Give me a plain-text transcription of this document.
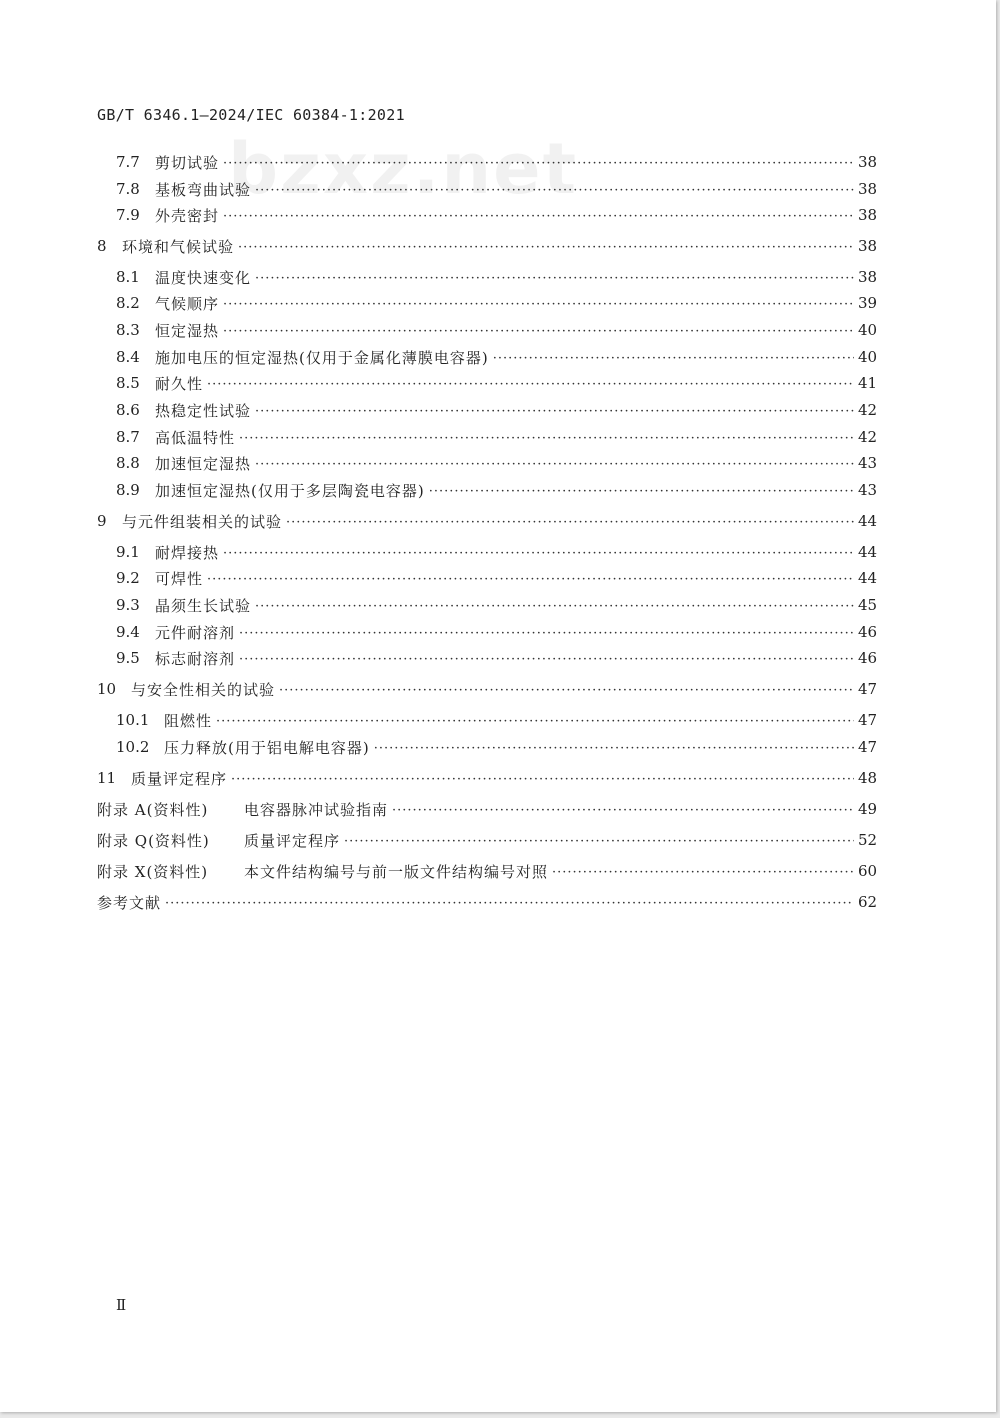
GB/T 6346.1—2024/IEC 60384-1:2021
bzxz.net
7.7	剪切试验 ·····	38
7.8	基板弯曲试验 ·····	38
7.9	外壳密封 ·····	38
8	环境和气候试验 ·····	38
8.1	温度快速变化 ·····	38
8.2	气候顺序 ·····	39
8.3	恒定湿热 ·····	40
8.4	施加电压的恒定湿热(仅用于金属化薄膜电容器) ·····	40
8.5	耐久性 ·····	41
8.6	热稳定性试验 ·····	42
8.7	高低温特性 ·····	42
8.8	加速恒定湿热 ·····	43
8.9	加速恒定湿热(仅用于多层陶瓷电容器) ·····	43
9	与元件组装相关的试验 ·····	44
9.1	耐焊接热 ·····	44
9.2	可焊性 ·····	44
9.3	晶须生长试验 ·····	45
9.4	元件耐溶剂 ·····	46
9.5	标志耐溶剂 ·····	46
10 与安全性相关的试验 ·····	47
10.1 阻燃性 ·····	47
10.2 压力释放(用于铝电解电容器) ·····	47
11 质量评定程序 ·····	48
附录 A(资料性)	电容器脉冲试验指南 ·····	49
附录 Q(资料性)	质量评定程序 ·····	52
附录 X(资料性)	本文件结构编号与前一版文件结构编号对照 ·····	60
参考文献 ·····	62
Ⅱ
